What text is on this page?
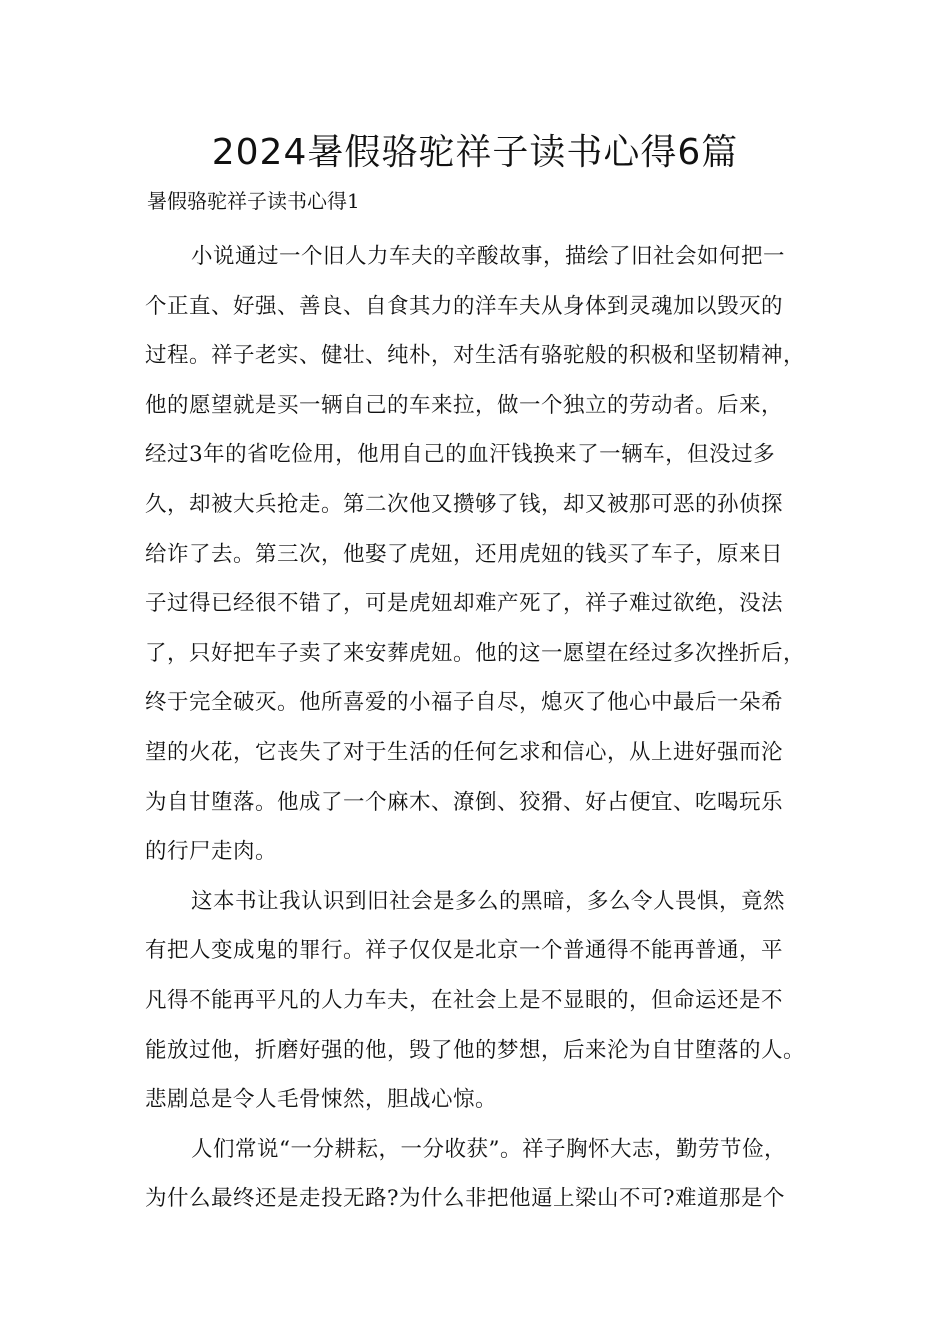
2024暑假骆驼祥子读书心得6篇
暑假骆驼祥子读书心得1
小说通过一个旧人力车夫的辛酸故事，描绘了旧社会如何把一
个正直、好强、善良、自食其力的洋车夫从身体到灵魂加以毁灭的
过程。祥子老实、健壮、纯朴，对生活有骆驼般的积极和坚韧精神，
他的愿望就是买一辆自己的车来拉，做一个独立的劳动者。后来，
经过3年的省吃俭用，他用自己的血汗钱换来了一辆车，但没过多
久，却被大兵抢走。第二次他又攒够了钱，却又被那可恶的孙侦探
给诈了去。第三次，他娶了虎妞，还用虎妞的钱买了车子，原来日
子过得已经很不错了，可是虎妞却难产死了，祥子难过欲绝，没法
了，只好把车子卖了来安葬虎妞。他的这一愿望在经过多次挫折后，
终于完全破灭。他所喜爱的小福子自尽，熄灭了他心中最后一朵希
望的火花，它丧失了对于生活的任何乞求和信心，从上进好强而沦
为自甘堕落。他成了一个麻木、潦倒、狡猾、好占便宜、吃喝玩乐
的行尸走肉。
这本书让我认识到旧社会是多么的黑暗，多么令人畏惧，竟然
有把人变成鬼的罪行。祥子仅仅是北京一个普通得不能再普通，平
凡得不能再平凡的人力车夫，在社会上是不显眼的，但命运还是不
能放过他，折磨好强的他，毁了他的梦想，后来沦为自甘堕落的人。
悲剧总是令人毛骨悚然，胆战心惊。
人们常说“一分耕耘，一分收获”。祥子胸怀大志，勤劳节俭，
为什么最终还是走投无路?为什么非把他逼上梁山不可?难道那是个
